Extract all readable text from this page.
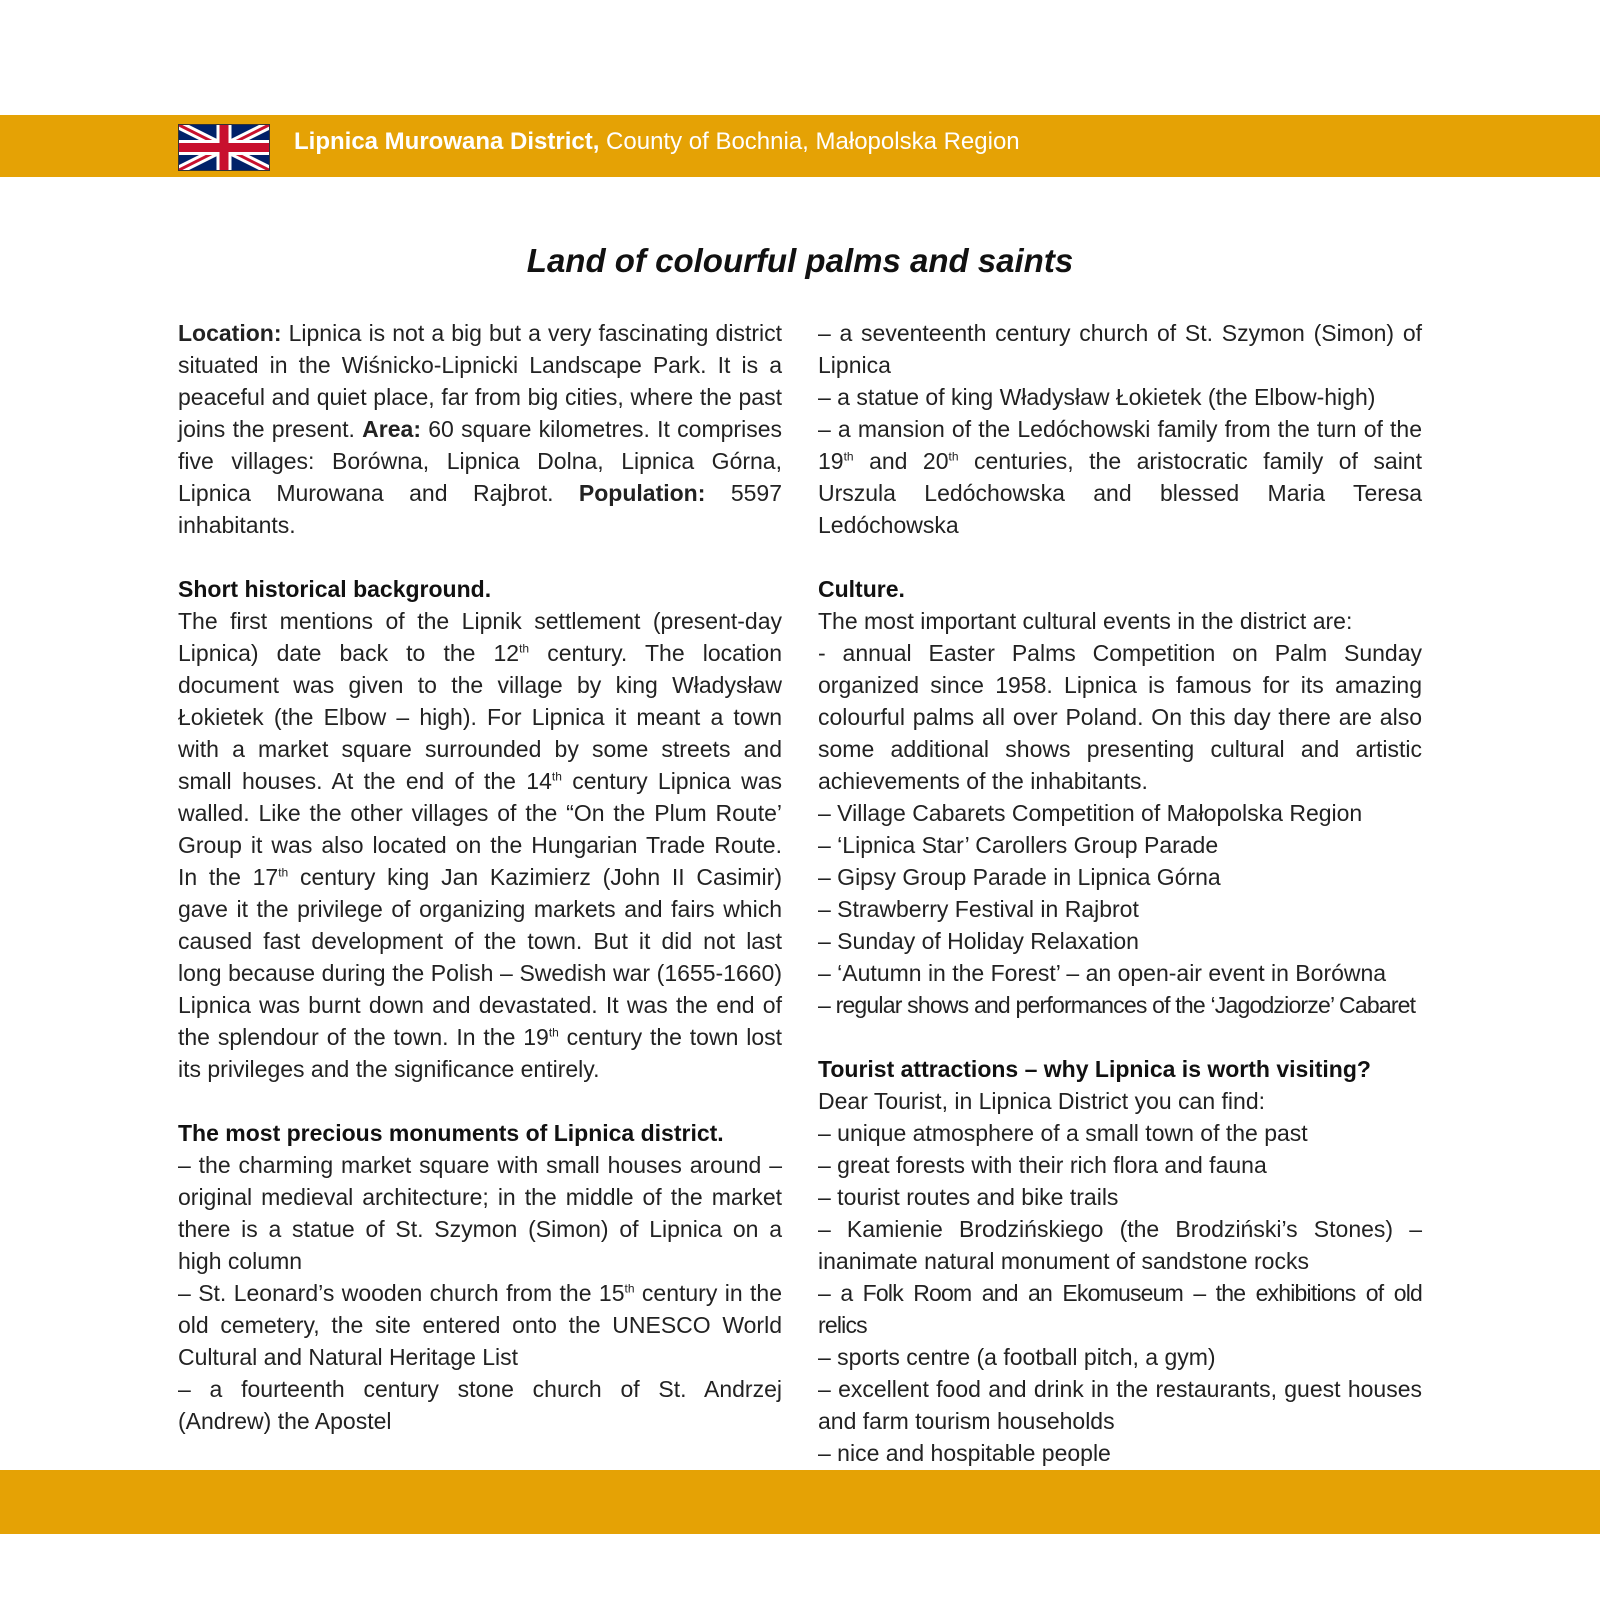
Lipnica Murowana District, County of Bochnia, Małopolska Region
Land of colourful palms and saints

Location: Lipnica is not a big but a very fascinating district situated in the Wiśnicko-Lipnicki Landscape Park. It is a peaceful and quiet place, far from big cities, where the past joins the present. Area: 60 square kilometres. It comprises five villages: Borówna, Lipnica Dolna, Lipnica Górna, Lipnica Murowana and Rajbrot. Population: 5597 inhabitants.

Short historical background.

The first mentions of the Lipnik settlement (present-day Lipnica) date back to the 12th century. The location document was given to the village by king Władysław Łokietek (the Elbow – high). For Lipnica it meant a town with a market square surrounded by some streets and small houses. At the end of the 14th century Lipnica was walled. Like the other villages of the “On the Plum Route’ Group it was also located on the Hungarian Trade Route. In the 17th century king Jan Kazimierz (John II Casimir) gave it the privilege of organizing markets and fairs which caused fast development of the town. But it did not last long because during the Polish – Swedish war (1655-1660) Lipnica was burnt down and devastated. It was the end of the splendour of the town. In the 19th century the town lost its privileges and the significance entirely.

The most precious monuments of Lipnica district.

– the charming market square with small houses around – original medieval architecture; in the middle of the market there is a statue of St. Szymon (Simon) of Lipnica on a high column

– St. Leonard’s wooden church from the 15th century in the old cemetery, the site entered onto the UNESCO World Cultural and Natural Heritage List

– a fourteenth century stone church of St. Andrzej (Andrew) the Apostel

– a seventeenth century church of St. Szymon (Simon) of Lipnica

– a statue of king Władysław Łokietek (the Elbow-high)

– a mansion of the Ledóchowski family from the turn of the 19th and 20th centuries, the aristocratic family of saint Urszula Ledóchowska and blessed Maria Teresa Ledóchowska

Culture.

The most important cultural events in the district are:

- annual Easter Palms Competition on Palm Sunday organized since 1958. Lipnica is famous for its amazing colourful palms all over Poland. On this day there are also some additional shows presenting cultural and artistic achievements of the inhabitants.

– Village Cabarets Competition of Małopolska Region

– ‘Lipnica Star’ Carollers Group Parade

– Gipsy Group Parade in Lipnica Górna

– Strawberry Festival in Rajbrot

– Sunday of Holiday Relaxation

– ‘Autumn in the Forest’ – an open-air event in Borówna

– regular shows and performances of the ‘Jagodziorze’ Cabaret

Tourist attractions – why Lipnica is worth visiting?

Dear Tourist, in Lipnica District you can find:

– unique atmosphere of a small town of the past

– great forests with their rich flora and fauna

– tourist routes and bike trails

– Kamienie Brodzińskiego (the Brodziński’s Stones) – inanimate natural monument of sandstone rocks

– a Folk Room and an Ekomuseum – the exhibitions of old relics

– sports centre (a football pitch, a gym)

– excellent food and drink in the restaurants, guest houses and farm tourism households

– nice and hospitable people
